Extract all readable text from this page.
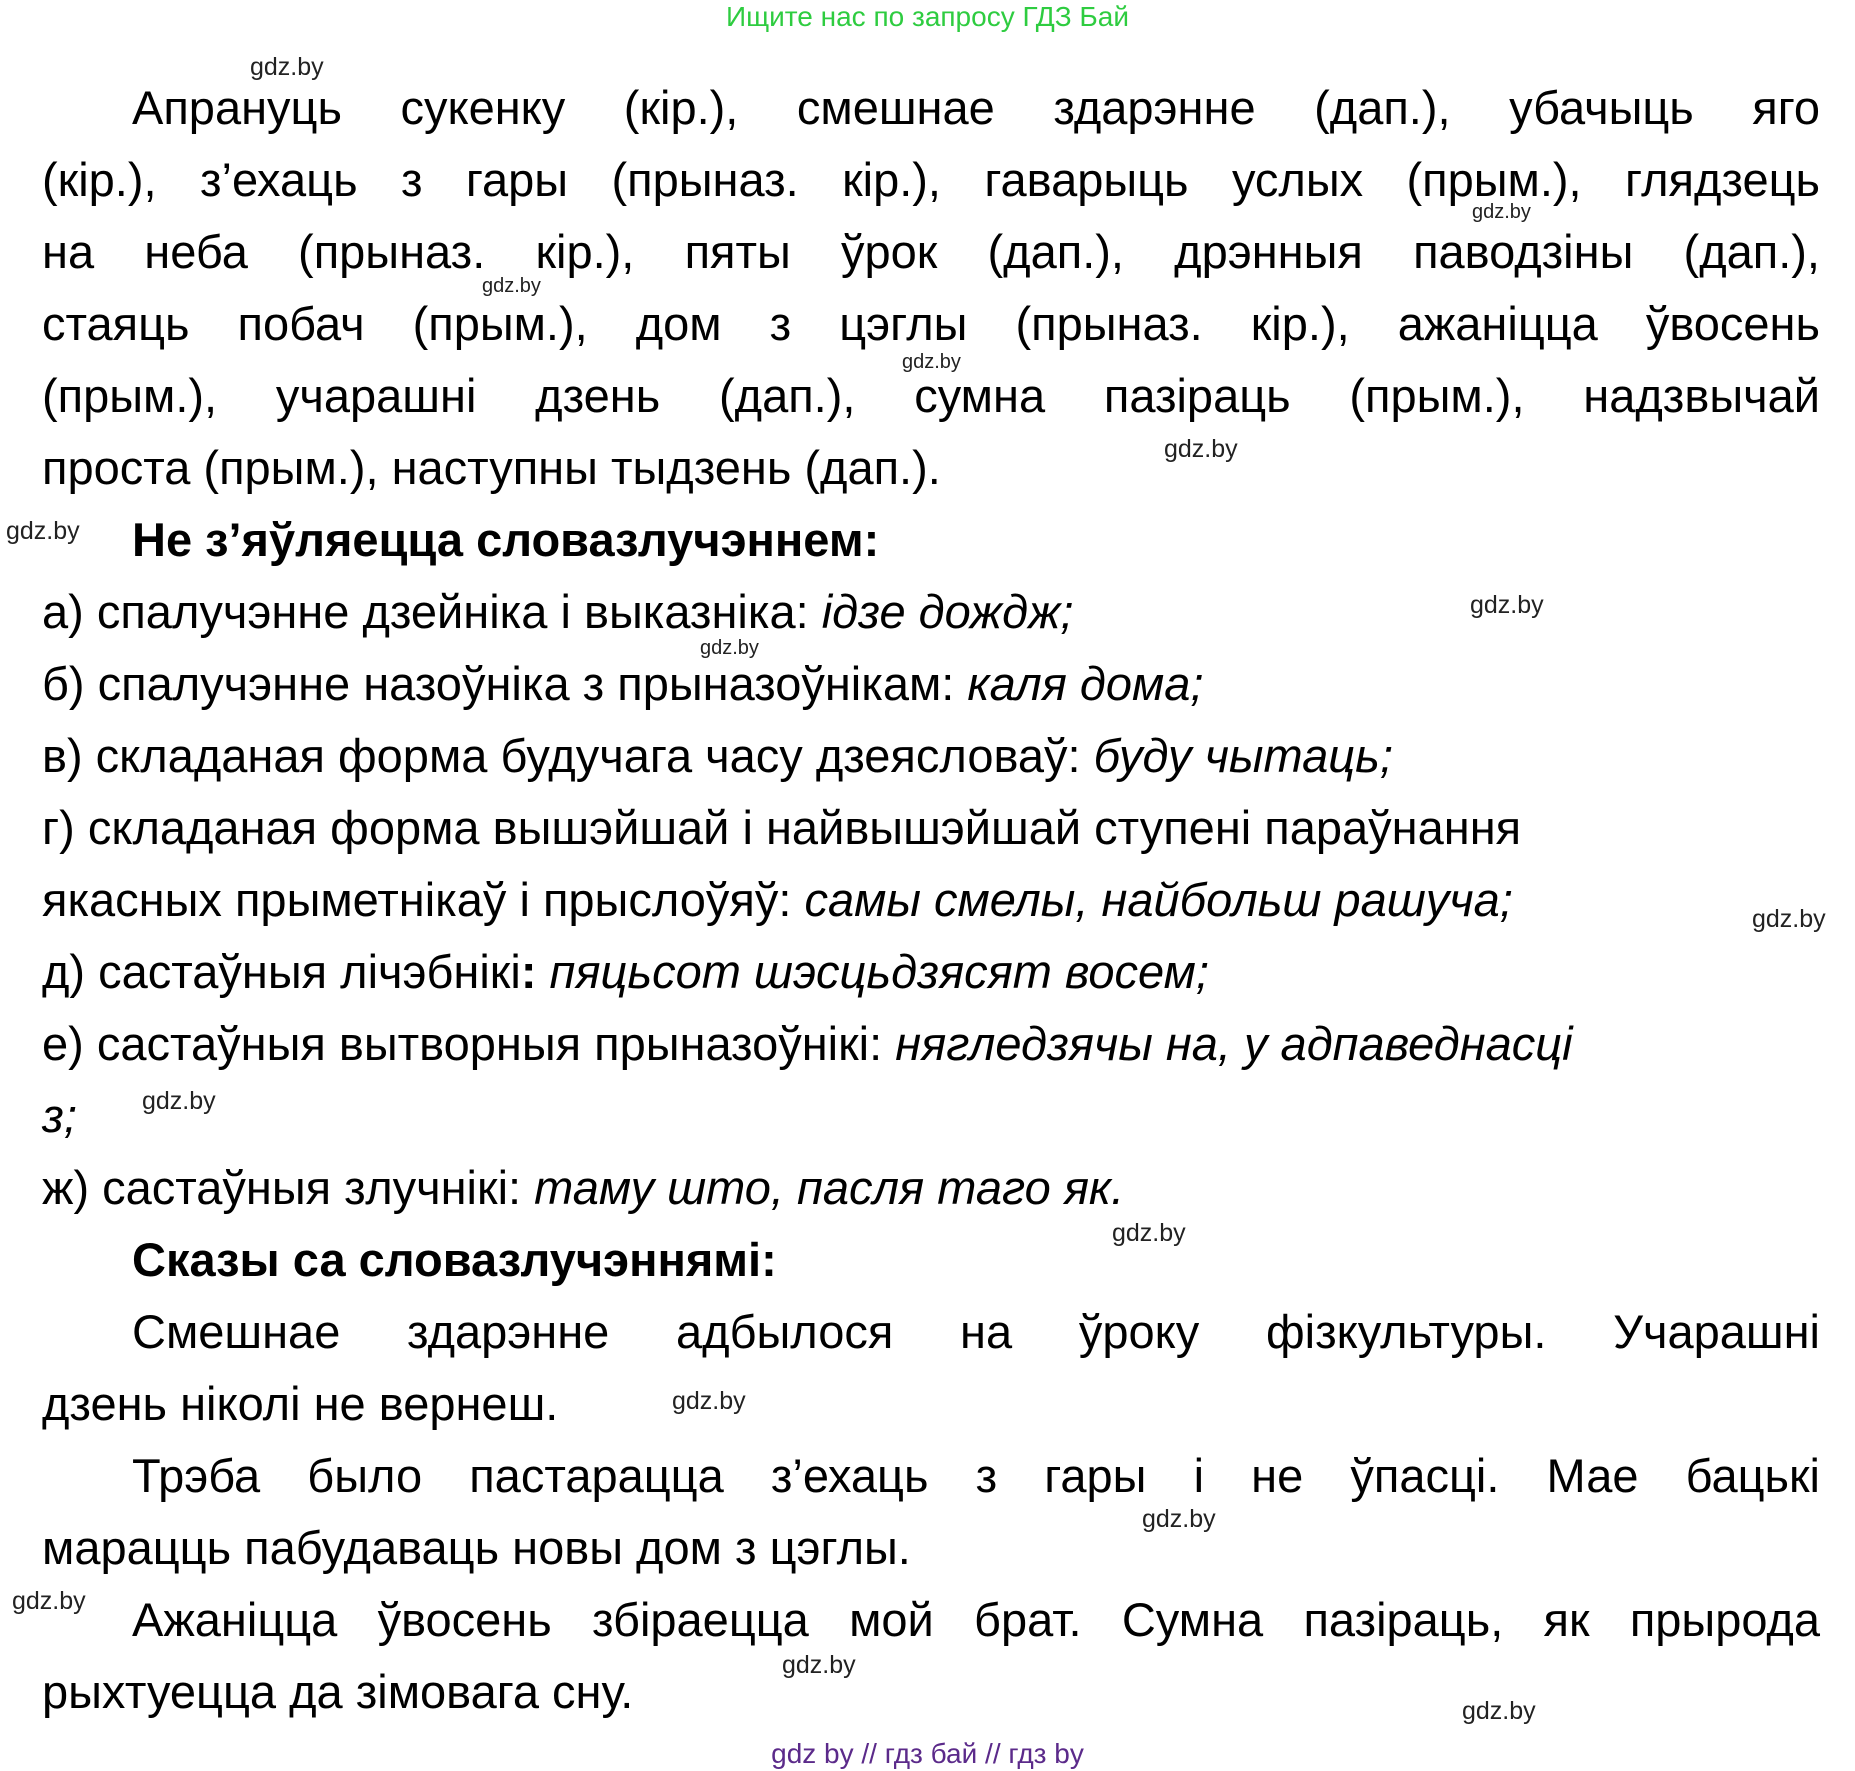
Ищите нас по запросу ГДЗ Бай
Апрануць сукенку (кір.), смешнае здарэнне (дап.), убачыць яго
(кір.), з’ехаць з гары (прыназ. кір.), гаварыць услых (прым.), глядзець
на неба (прыназ. кір.), пяты ўрок (дап.), дрэнныя паводзіны (дап.),
стаяць побач (прым.), дом з цэглы (прыназ. кір.), ажаніцца ўвосень
(прым.), учарашні дзень (дап.), сумна пазіраць (прым.), надзвычай
проста (прым.), наступны тыдзень (дап.).
Не з’яўляецца словазлучэннем:
а) спалучэнне дзейніка і выказніка: ідзе дождж;
б) спалучэнне назоўніка з прыназоўнікам: каля дома;
в) складаная форма будучага часу дзеясловаў: буду чытаць;
г) складаная форма вышэйшай і найвышэйшай ступені параўнання
якасных прыметнікаў і прыслоўяў: самы смелы, найбольш рашуча;
д) састаўныя лічэбнікі: пяцьсот шэсцьдзясят восем;
е) састаўныя вытворныя прыназоўнікі: нягледзячы на, у адпаведнасці
з;
ж) састаўныя злучнікі: таму што, пасля таго як.
Сказы са словазлучэннямі:
Смешнае здарэнне адбылося на ўроку фізкультуры. Учарашні
дзень ніколі не вернеш.
Трэба было пастарацца з’ехаць з гары і не ўпасці. Мае бацькі
марацць пабудаваць новы дом з цэглы.
Ажаніцца ўвосень збіраецца мой брат. Сумна пазіраць, як прырода
рыхтуецца да зімовага сну.
gdz.by
gdz.by
gdz.by
gdz.by
gdz.by
gdz.by
gdz.by
gdz.by
gdz.by
gdz.by
gdz.by
gdz.by
gdz.by
gdz.by
gdz.by
gdz.by
gdz by // гдз бай // гдз by
